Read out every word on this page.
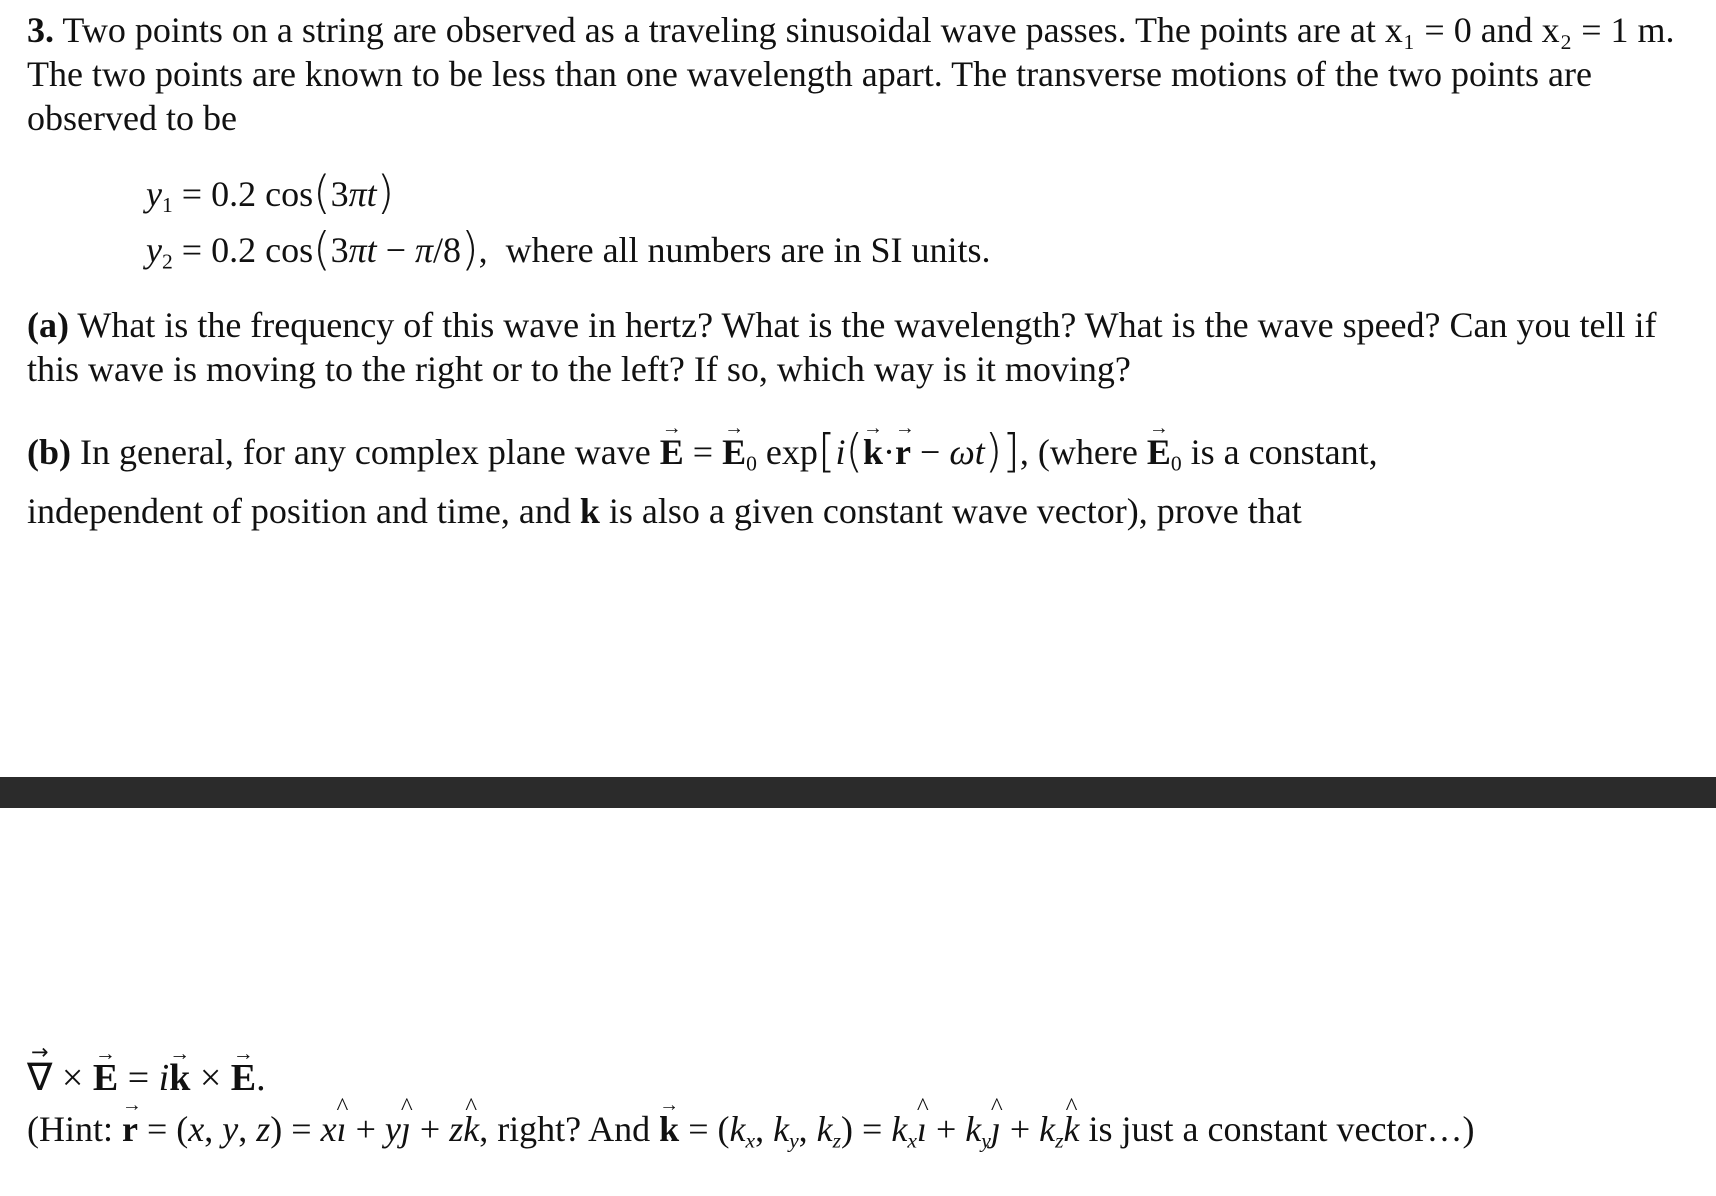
3. Two points on a string are observed as a traveling sinusoidal wave passes. The points are at x₁ = 0 and x₂ = 1 m. The two points are known to be less than one wavelength apart. The transverse motions of the two points are observed to be
$y_1 = 0.2$ cos(3πt)
$y_2 = 0.2$ cos(3πt − π/8), where all numbers are in SI units.
(a) What is the frequency of this wave in hertz? What is the wavelength? What is the wave speed? Can you tell if this wave is moving to the right or to the left? If so, which way is it moving?
(b) In general, for any complex plane wave → E = → $E_0$ exp[i(→ k·→ r − ωt)], (where → $E_0$ is a constant,
independent of position and time, and k is also a given constant wave vector), prove that
→ ∇ × → E = i→ k × → E.
(Hint: → r = (x, y, z) = x^ ı + y^ ȷ + z^ k, right? And → $k = (k_x$, $k_y$, $k_z$) = $k_x\^{}$ ı + $k_y\^{}$ ȷ + $k_z\^{}$ k is just a constant vector…)
